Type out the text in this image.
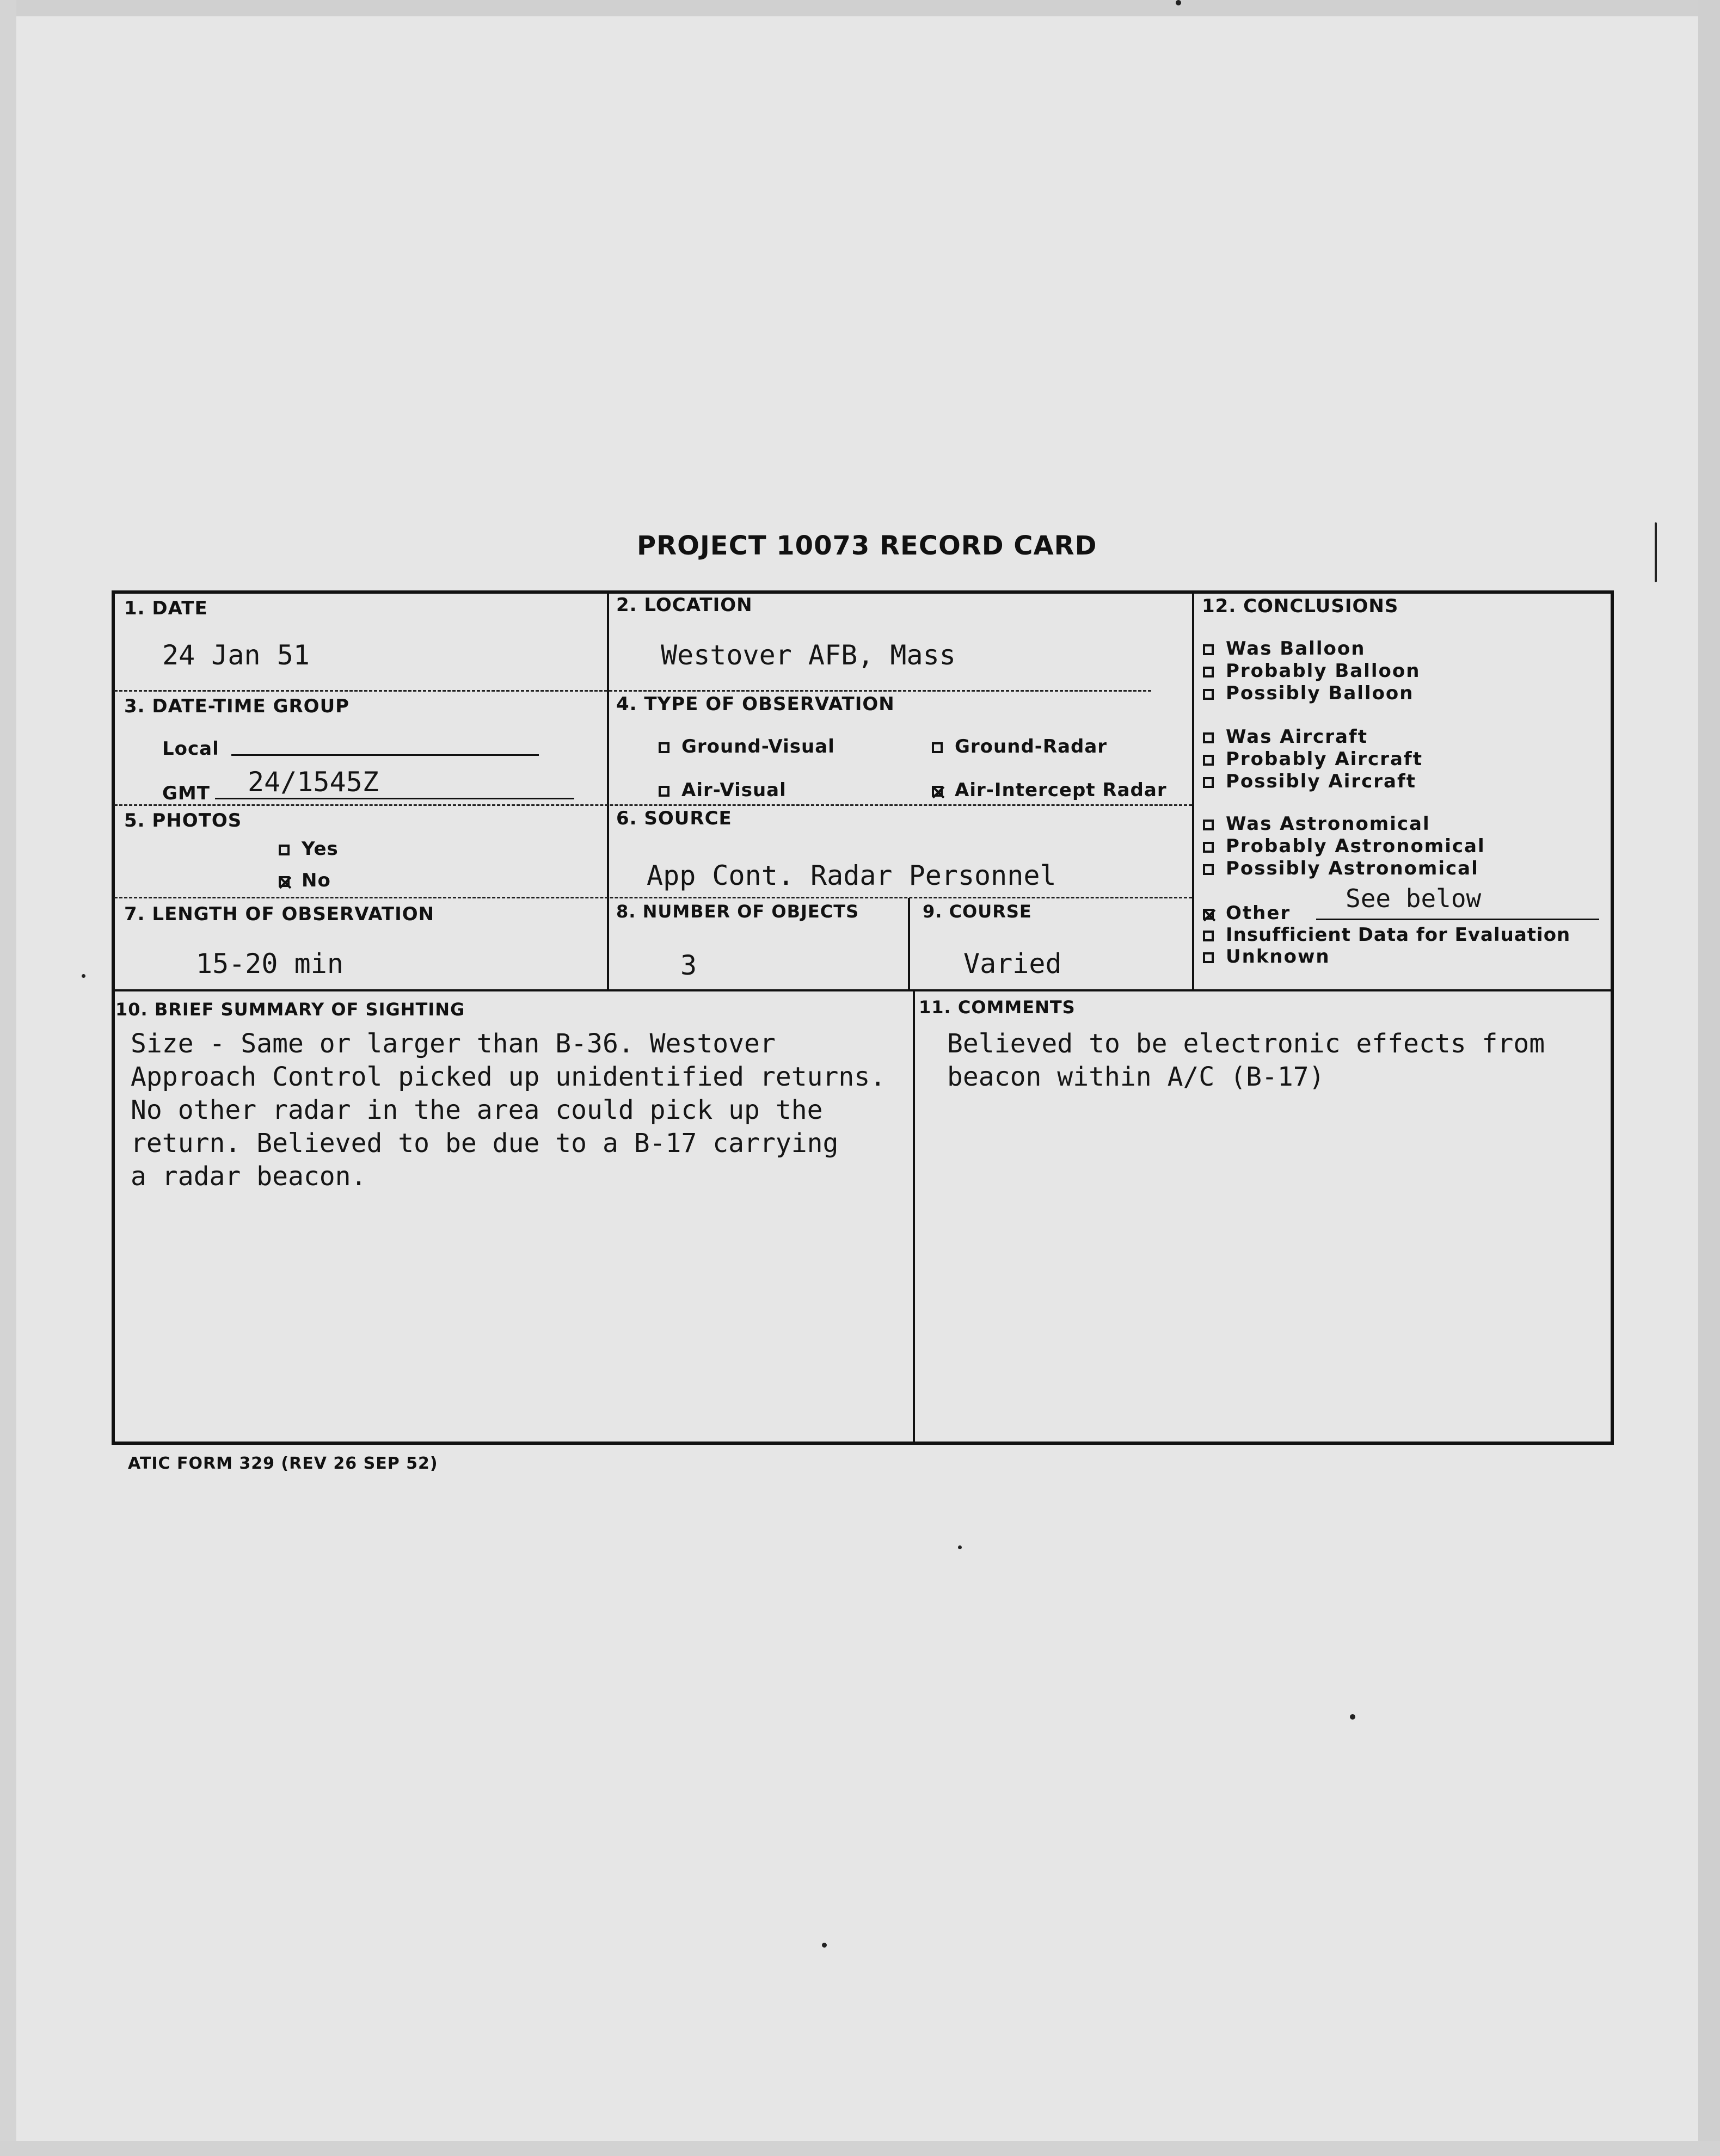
PROJECT 10073 RECORD CARD
1. DATE
24 Jan 51
2. LOCATION
Westover AFB, Mass
3. DATE-TIME GROUP
Local
GMT 24/1545Z
4. TYPE OF OBSERVATION
Ground-Visual	Ground-Radar
Air-Visual	Air-Intercept Radar
5. PHOTOS
Yes
No
6. SOURCE
App Cont. Radar Personnel
7. LENGTH OF OBSERVATION
15-20 min
8. NUMBER OF OBJECTS
3
9. COURSE
Varied
12. CONCLUSIONS
Was Balloon
Probably Balloon
Possibly Balloon
Was Aircraft
Probably Aircraft
Possibly Aircraft
Was Astronomical
Probably Astronomical
Possibly Astronomical
Other See below
Insufficient Data for Evaluation
Unknown
10. BRIEF SUMMARY OF SIGHTING
Size - Same or larger than B-36. Westover
Approach Control picked up unidentified returns.
No other radar in the area could pick up the
return. Believed to be due to a B-17 carrying
a radar beacon.
11. COMMENTS
Believed to be electronic effects from
beacon within A/C (B-17)
ATIC FORM 329 (REV 26 SEP 52)
